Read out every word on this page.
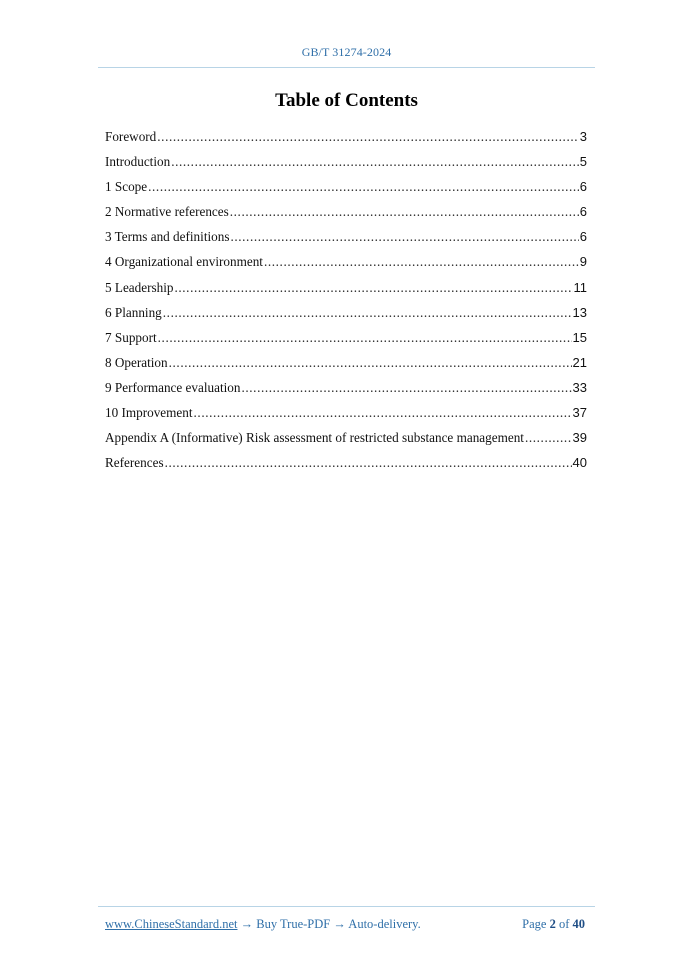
GB/T 31274-2024
Table of Contents
Foreword .....	3
Introduction .....	5
1 Scope .....	6
2 Normative references .....	6
3 Terms and definitions .....	6
4 Organizational environment .....	9
5 Leadership .....	11
6 Planning .....	13
7 Support .....	15
8 Operation .....	21
9 Performance evaluation .....	33
10 Improvement .....	37
Appendix A (Informative) Risk assessment of restricted substance management .....	39
References .....	40
www.ChineseStandard.net → Buy True-PDF → Auto-delivery.	Page 2 of 40
